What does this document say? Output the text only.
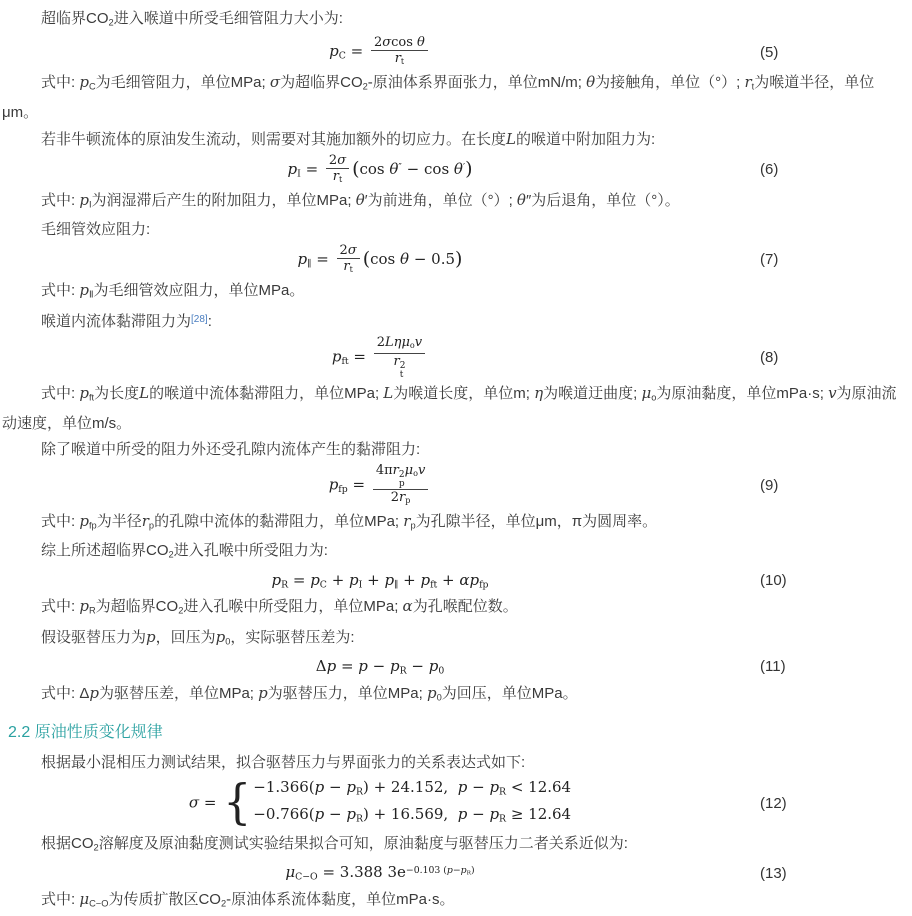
超临界$CO_2$进入喉道中所受毛细管阻力大小为:
$p_C = \frac{\text{2σcos θ}}{r_t}$	(5)
式中: $p_C$为毛细管阻力，单位MPa; σ为超临界$CO_2-$原油体系界面张力，单位mN/m; θ为接触角，单位（°）; $r_t$为喉道半径，单位μm。
若非牛顿流体的原油发生流动，则需要对其施加额外的切应力。在长度L的喉道中附加阻力为:
$p_I = \frac{2\sigma}{r_t} (\cos$ θ″ − cos θ′)	(6)
式中: $p_I$为润湿滞后产生的附加阻力，单位MPa; θ′为前进角，单位（°）; θ″为后退角，单位（°）。
毛细管效应阻力:
$p_\parallel = \frac{2\sigma}{r_t} (\cos$ θ − 0.5)	(7)
式中: $p_Ⅱ$为毛细管效应阻力，单位MPa。
喉道内流体黏滞阻力为[28]:
$p_{ft} = 2L\eta\mu_ov$
r 2
t	(8)
式中: $p_{ft}$为长度L的喉道中流体黏滞阻力，单位MPa; L为喉道长度，单位m; η为喉道迂曲度; $\mu_o$为原油黏度，单位mPa·s; v为原油流动速度，单位m/s。
除了喉道中所受的阻力外还受孔隙内流体产生的黏滞阻力:
$p_{fp} = 4\pi r$ 2
p
$\mu_ov$
$2r_p$	(9)
式中: $p_{fp}$为半径$r_p$的孔隙中流体的黏滞阻力，单位MPa; $r_p$为孔隙半径，单位μm，π为圆周率。
综上所述超临界$CO_2$进入孔喉中所受阻力为:
$p_R = p_C + p_I + p_\parallel + p_{ft} + \alpha p_{fp}$	(10)
式中: $p_R$为超临界$CO_2$进入孔喉中所受阻力，单位MPa; α为孔喉配位数。
假设驱替压力为p，回压为$p_0$，实际驱替压差为:
$\Delta p = p - p_R - p_0$	(11)
式中: Δp为驱替压差，单位MPa; p为驱替压力，单位MPa; $p_0$为回压，单位MPa。
2.2 原油性质变化规律
根据最小混相压力测试结果，拟合驱替压力与界面张力的关系表达式如下:
σ = { $-1.366(p - p_R) + 24.152$,  $p - p_R < 12.64$
$-0.766(p - p_R) + 16.569$,  $p - p_R \ge 12.64$
(12)
根据$CO_2$溶解度及原油黏度测试实验结果拟合可知，原油黏度与驱替压力二者关系近似为:
$\mu_{C-O} = 3.388$ $3e^{-0.103 (p-p_R)}$	(13)
式中: $\mu_{C-O}$为传质扩散区$CO_2-$原油体系流体黏度，单位mPa·s。
